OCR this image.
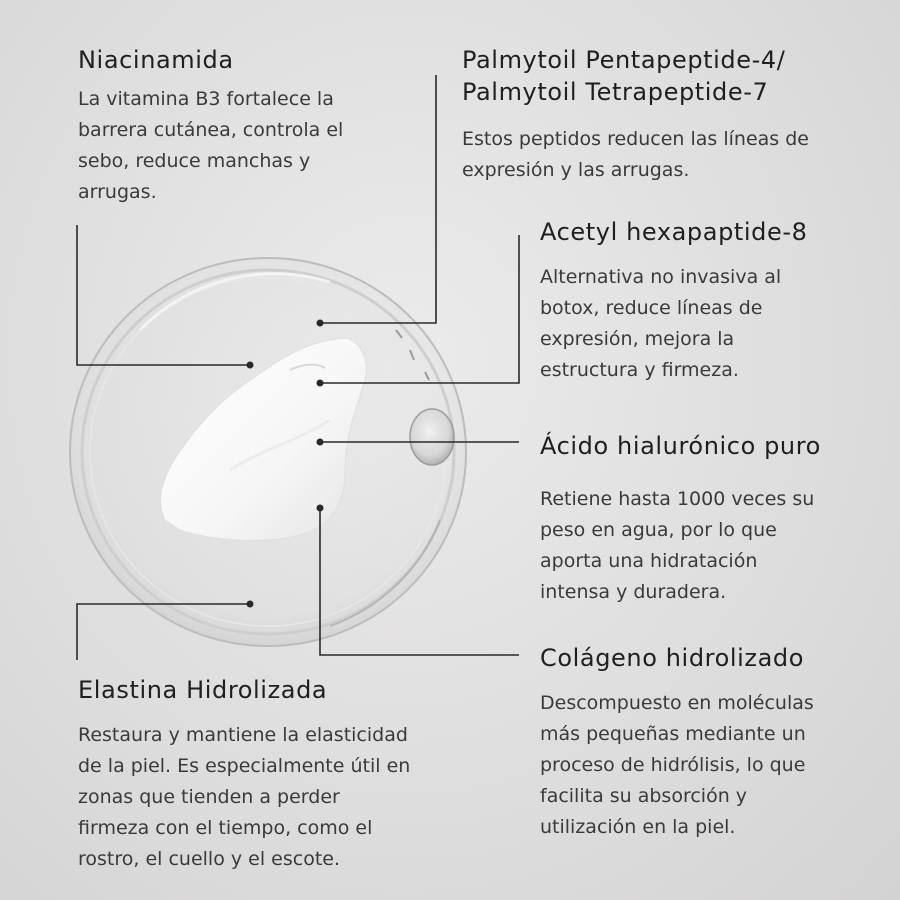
Niacinamida

La vitamina B3 fortalece la
barrera cutánea, controla el
sebo, reduce manchas y
arrugas.

Palmytoil Pentapeptide-4/
Palmytoil Tetrapeptide-7

Estos peptidos reducen las líneas de
expresión y las arrugas.

Acetyl hexapaptide-8

Alternativa no invasiva al
botox, reduce líneas de
expresión, mejora la
estructura y firmeza.

Ácido hialurónico puro

Retiene hasta 1000 veces su
peso en agua, por lo que
aporta una hidratación
intensa y duradera.

Colágeno hidrolizado

Descompuesto en moléculas
más pequeñas mediante un
proceso de hidrólisis, lo que
facilita su absorción y
utilización en la piel.

Elastina Hidrolizada

Restaura y mantiene la elasticidad
de la piel. Es especialmente útil en
zonas que tienden a perder
firmeza con el tiempo, como el
rostro, el cuello y el escote.
